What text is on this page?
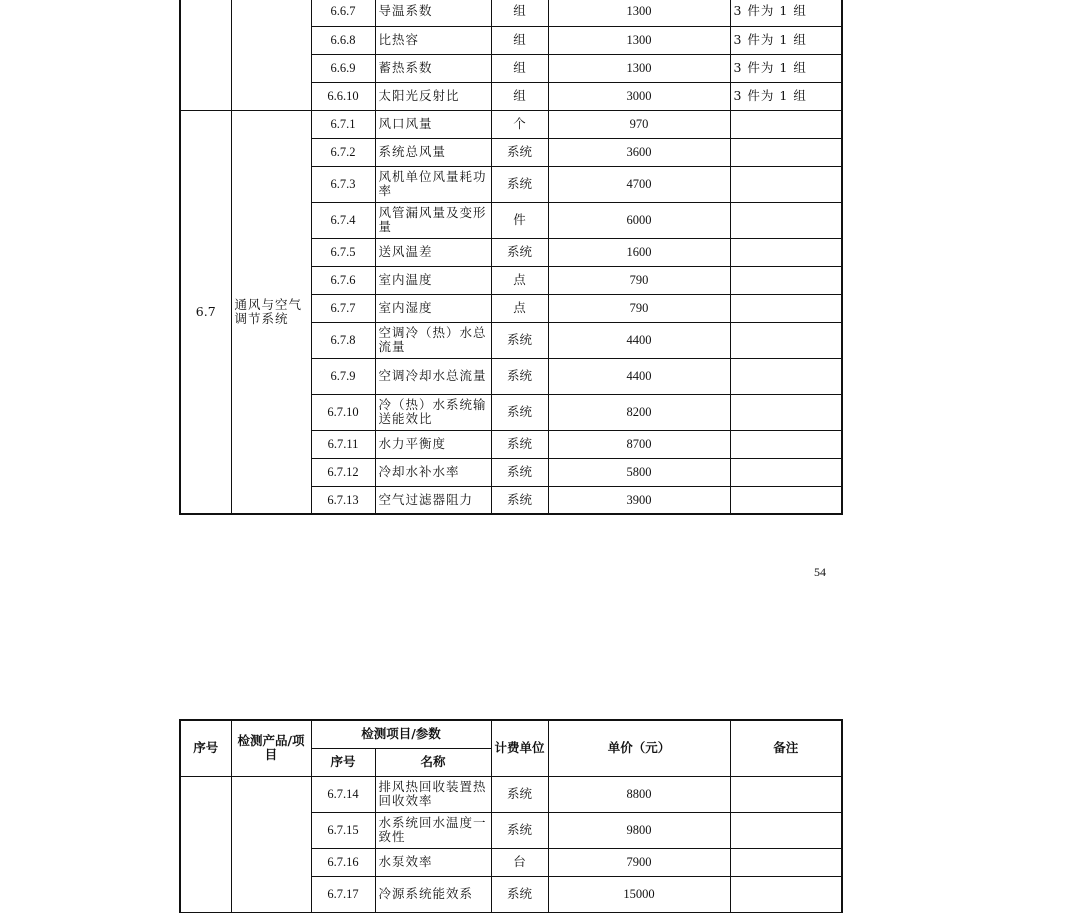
		6.6.7	导温系数	组	1300	3 件为 1 组
		6.6.8	比热容	组	1300	3 件为 1 组
		6.6.9	蓄热系数	组	1300	3 件为 1 组
		6.6.10	太阳光反射比	组	3000	3 件为 1 组
6.7	通风与空气调节系统	6.7.1	风口风量	个	970	
		6.7.2	系统总风量	系统	3600	
		6.7.3	风机单位风量耗功率	系统	4700	
		6.7.4	风管漏风量及变形量	件	6000	
		6.7.5	送风温差	系统	1600	
		6.7.6	室内温度	点	790	
		6.7.7	室内湿度	点	790	
		6.7.8	空调冷（热）水总流量	系统	4400	
		6.7.9	空调冷却水总流量	系统	4400	
		6.7.10	冷（热）水系统输送能效比	系统	8200	
		6.7.11	水力平衡度	系统	8700	
		6.7.12	冷却水补水率	系统	5800	
		6.7.13	空气过滤器阻力	系统	3900	
54
序号	检测产品/项目	检测项目/参数		计费单位	单价（元）	备注
		序号	名称			
		6.7.14	排风热回收装置热回收效率	系统	8800	
		6.7.15	水系统回水温度一致性	系统	9800	
		6.7.16	水泵效率	台	7900	
		6.7.17	冷源系统能效系	系统	15000	
